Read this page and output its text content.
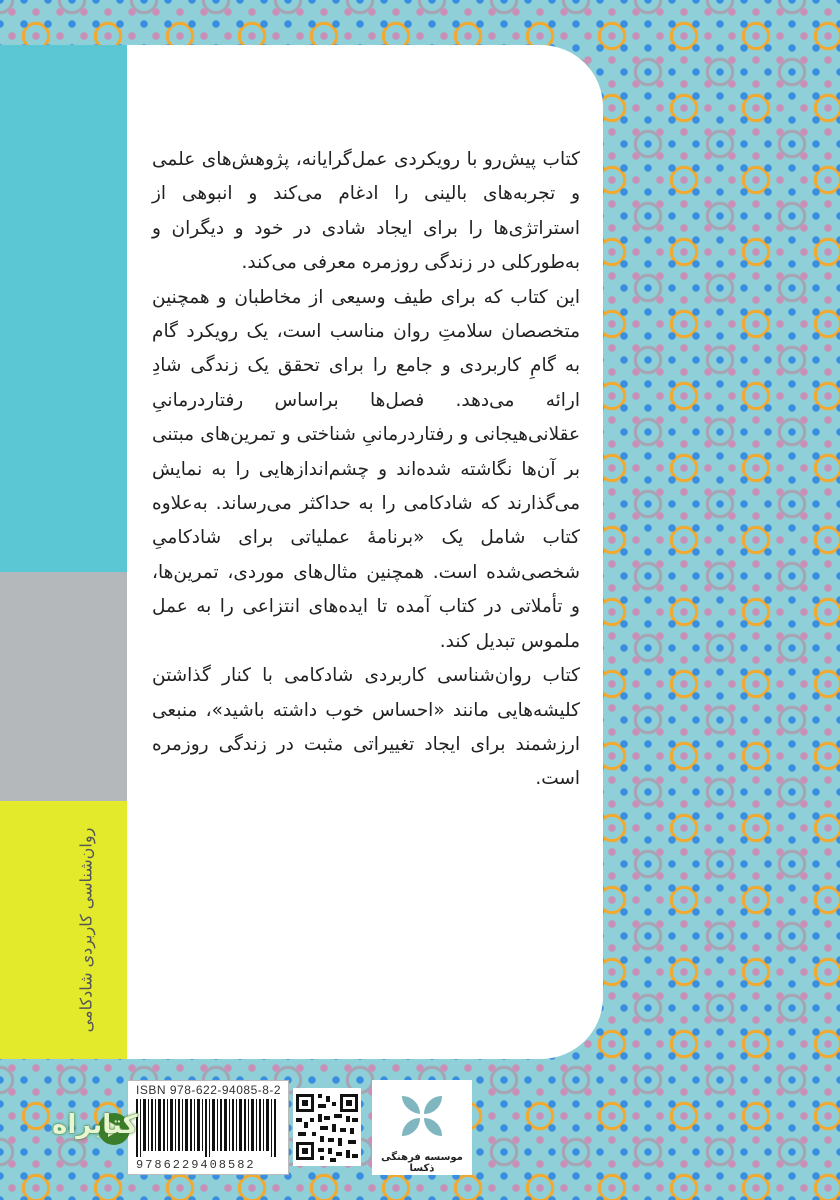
روان‌شناسی کاربردی شادکامی

کتاب پیش‌رو با رویکردی عمل‌گرایانه، پژوهش‌های علمی و تجربه‌های بالینی را ادغام می‌کند و انبوهی از استراتژی‌ها را برای ایجاد شادی در خود و دیگران و به‌طورکلی در زندگی روزمره معرفی می‌کند.

این کتاب که برای طیف وسیعی از مخاطبان و همچنین متخصصان سلامتِ روان مناسب است، یک رویکرد گام به گامِ کاربردی و جامع را برای تحقق یک زندگی شادِ ارائه می‌دهد. فصل‌ها براساس رفتاردرمانیِ عقلانی‌هیجانی و رفتاردرمانیِ شناختی و تمرین‌های مبتنی بر آن‌ها نگاشته شده‌اند و چشم‌اندازهایی را به نمایش می‌گذارند که شادکامی را به حداکثر می‌رساند. به‌علاوه کتاب شامل یک «برنامهٔ عملیاتی برای شادکامیِ شخصی‌شده است. همچنین مثال‌های موردی، تمرین‌ها، و تأملاتی در کتاب آمده تا ایده‌های انتزاعی را به عمل ملموس تبدیل کند.

کتاب روان‌شناسی کاربردی شادکامی با کنار گذاشتن کلیشه‌هایی مانند «احساس خوب داشته باشید»، منبعی ارزشمند برای ایجاد تغییراتی مثبت در زندگی روزمره است.

ISBN 978-622-94085-8-2
9786229408582
موسسه فرهنگی ذکسا
کتابراه
